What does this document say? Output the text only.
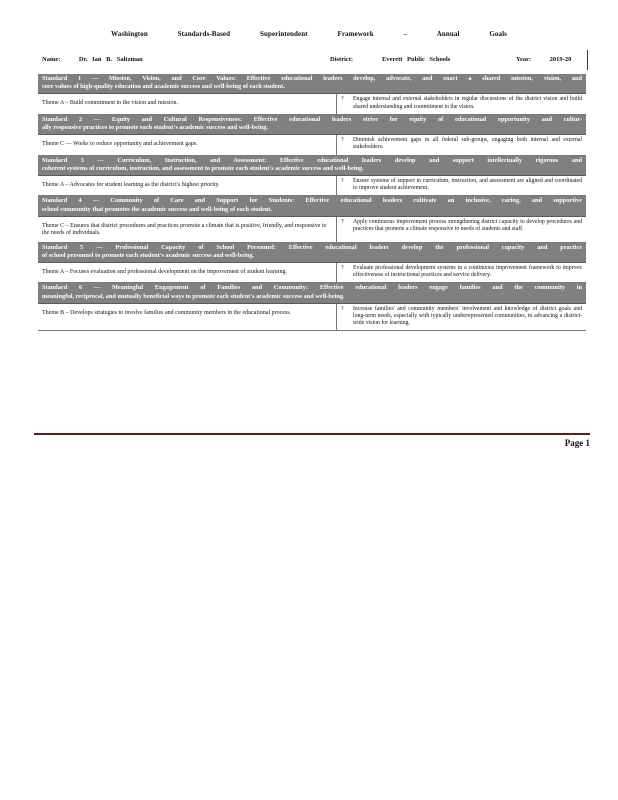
Washington Standards-Based Superintendent Framework – Annual Goals
Name:	Dr. Ian B. Saltzman	District:	Everett Public Schools	Year:	2019-20
Standard 1 — Mission, Vision, and Core Values: Effective educational leaders develop, advocate, and enact a shared mission, vision, and
core values of high-quality education and academic success and well-being of each student.
Theme A – Build commitment to the vision and mission.
?	Engage internal and external stakeholders in regular discussions of the district vision and build shared understanding and commitment to the vision.
Standard 2 — Equity and Cultural Responsiveness: Effective educational leaders strive for equity of educational opportunity and cultur-
ally responsive practices to promote each student's academic success and well-being.
Theme C — Works to reduce opportunity and achievement gaps.
?	Diminish achievement gaps in all federal sub-groups, engaging both internal and external stakeholders.
Standard 3 — Curriculum, Instruction, and Assessment: Effective educational leaders develop and support intellectually rigorous and
coherent systems of curriculum, instruction, and assessment to promote each student's academic success and well-being.
Theme A – Advocates for student learning as the district's highest priority.
?	Ensure systems of support in curriculum, instruction, and assessment are aligned and coordinated to improve student achievement.
Standard 4 — Community of Care and Support for Students: Effective educational leaders cultivate an inclusive, caring, and supportive
school community that promotes the academic success and well-being of each student.
Theme C – Ensures that district procedures and practices promote a climate that is positive, friendly, and responsive to the needs of individuals.
?	Apply continuous improvement process strengthening district capacity to develop procedures and practices that promote a climate responsive to needs of students and staff.
Standard 5 — Professional Capacity of School Personnel: Effective educational leaders develop the professional capacity and practice
of school personnel to promote each student's academic success and well-being.
Theme A – Focuses evaluation and professional development on the improvement of student learning.
?	Evaluate professional development systems in a continuous improvement framework to improve effectiveness of instructional practices and service delivery.
Standard 6 — Meaningful Engagement of Families and Community: Effective educational leaders engage families and the community in
meaningful, reciprocal, and mutually beneficial ways to promote each student's academic success and well-being.
Theme B – Develops strategies to involve families and community members in the educational process.
?	Increase families' and community members' involvement and knowledge of district goals and long-term needs, especially with typically underrepresented communities, in advancing a district-wide vision for learning.
Page 1
